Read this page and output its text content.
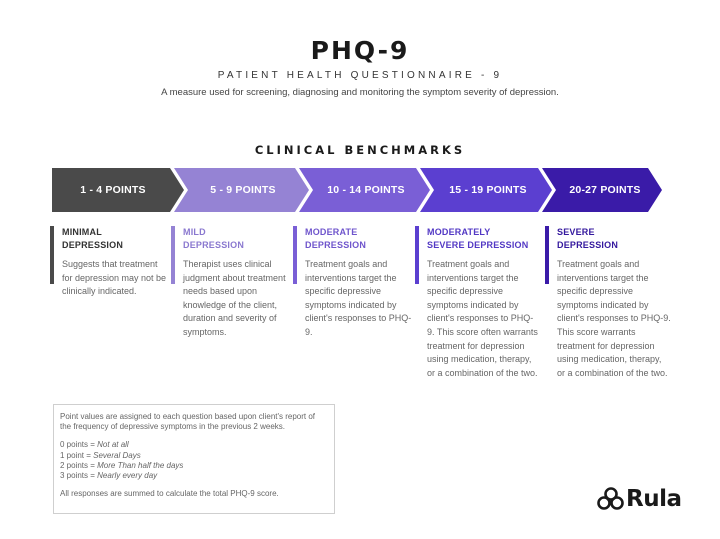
PHQ-9
PATIENT HEALTH QUESTIONNAIRE - 9
A measure used for screening, diagnosing and monitoring the symptom severity of depression.
CLINICAL BENCHMARKS
1 - 4 POINTS	5 - 9 POINTS	10 - 14 POINTS	15 - 19 POINTS	20-27 POINTS
MINIMAL
DEPRESSION
Suggests that treatment for depression may not be clinically indicated.
MILD
DEPRESSION
Therapist uses clinical judgment about treatment needs based upon knowledge of the client, duration and severity of symptoms.
MODERATE
DEPRESSION
Treatment goals and interventions target the specific depressive symptoms indicated by client's responses to PHQ-9.
MODERATELY
SEVERE DEPRESSION
Treatment goals and interventions target the specific depressive symptoms indicated by client's responses to PHQ-9. This score often warrants treatment for depression using medication, therapy, or a combination of the two.
SEVERE
DEPRESSION
Treatment goals and interventions target the specific depressive symptoms indicated by client's responses to PHQ-9. This score warrants treatment for depression using medication, therapy, or a combination of the two.

Point values are assigned to each question based upon client's report of the frequency of depressive symptoms in the previous 2 weeks.

0 points = Not at all

1 point = Several Days

2 points = More Than half the days

3 points = Nearly every day

All responses are summed to calculate the total PHQ-9 score.	Rula
